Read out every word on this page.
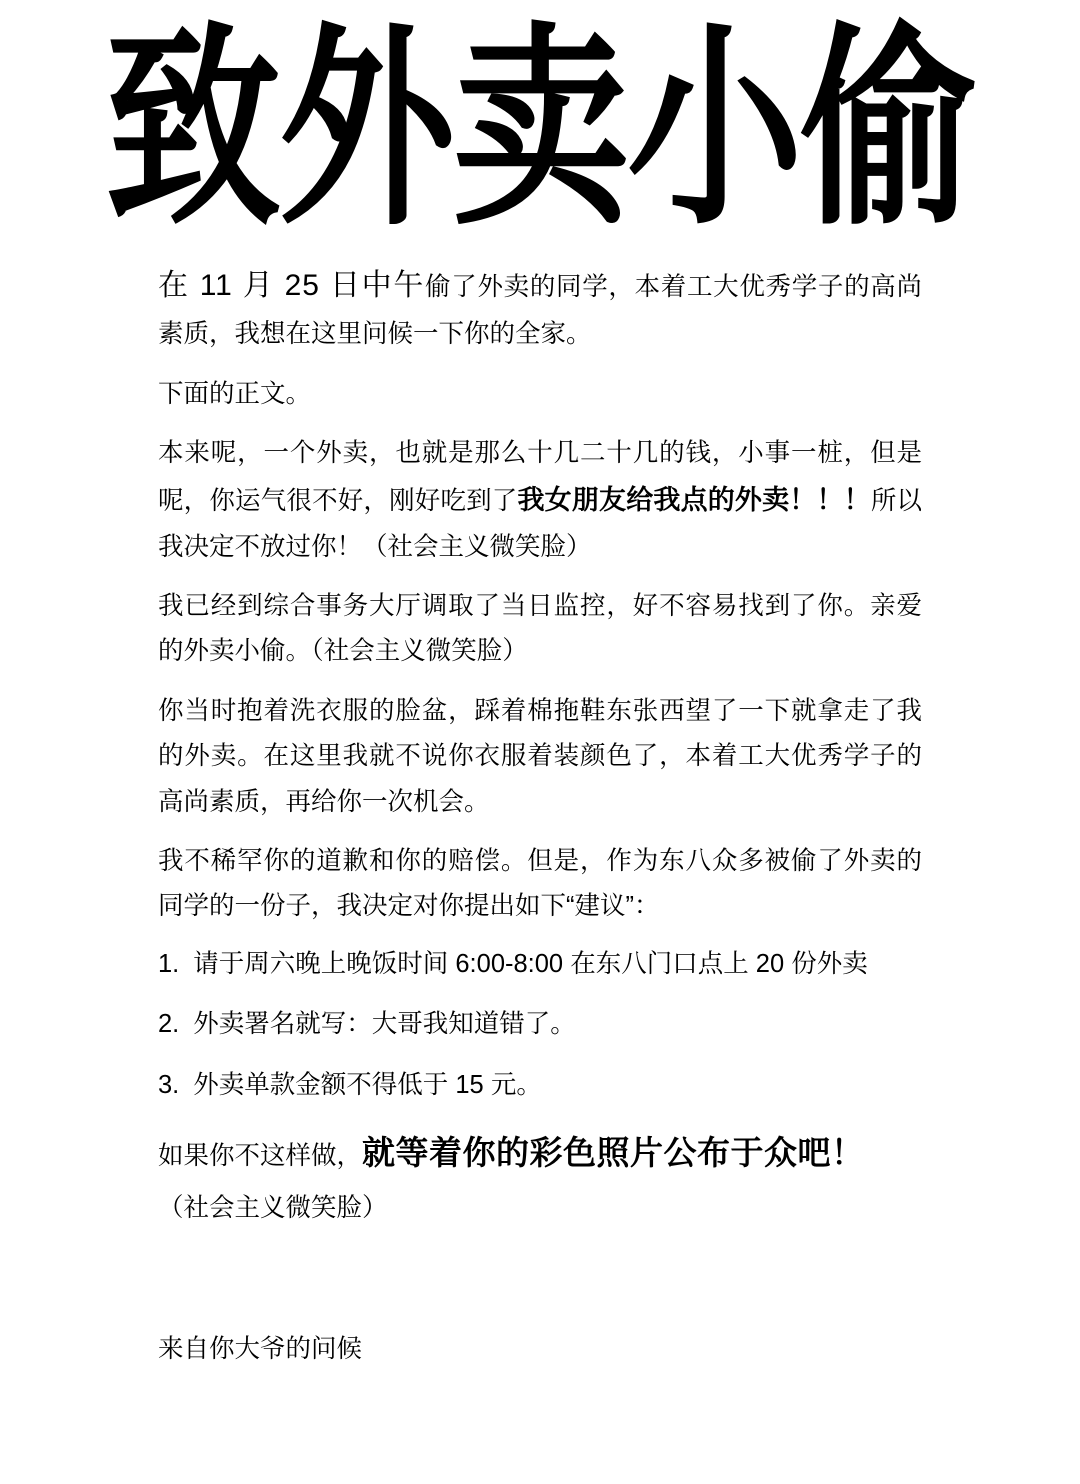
致外卖小偷

在 11 月 25 日中午偷了外卖的同学，本着工大优秀学子的高尚素质，我想在这里问候一下你的全家。

下面的正文。

本来呢，一个外卖，也就是那么十几二十几的钱，小事一桩，但是呢，你运气很不好，刚好吃到了我女朋友给我点的外卖！！！所以我决定不放过你！（社会主义微笑脸）

我已经到综合事务大厅调取了当日监控，好不容易找到了你。亲爱的外卖小偷。（社会主义微笑脸）

你当时抱着洗衣服的脸盆，踩着棉拖鞋东张西望了一下就拿走了我的外卖。在这里我就不说你衣服着装颜色了，本着工大优秀学子的高尚素质，再给你一次机会。

我不稀罕你的道歉和你的赔偿。但是，作为东八众多被偷了外卖的同学的一份子，我决定对你提出如下“建议”：

1. 请于周六晚上晚饭时间 6:00-8:00 在东八门口点上 20 份外卖
2. 外卖署名就写：大哥我知道错了。
3. 外卖单款金额不得低于 15 元。

如果你不这样做，就等着你的彩色照片公布于众吧！

（社会主义微笑脸）

来自你大爷的问候
